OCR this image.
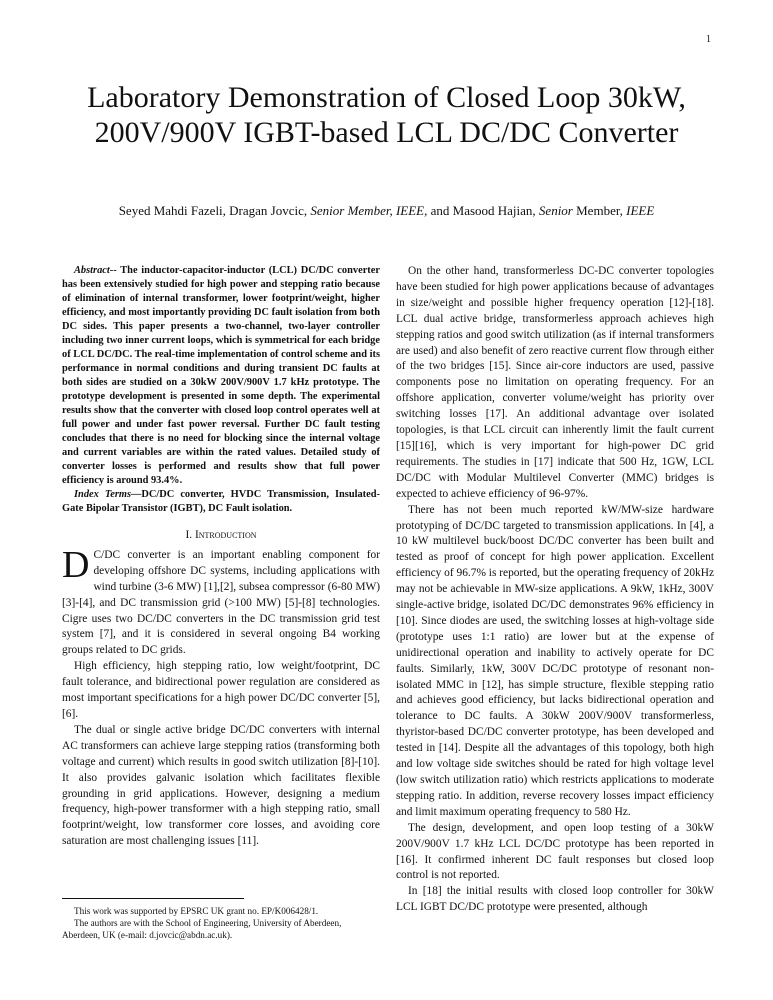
1
Laboratory Demonstration of Closed Loop 30kW, 200V/900V IGBT-based LCL DC/DC Converter
Seyed Mahdi Fazeli, Dragan Jovcic, Senior Member, IEEE, and Masood Hajian, Senior Member, IEEE

Abstract-- The inductor-capacitor-inductor (LCL) DC/DC converter has been extensively studied for high power and stepping ratio because of elimination of internal transformer, lower footprint/weight, higher efficiency, and most importantly providing DC fault isolation from both DC sides. This paper presents a two-channel, two-layer controller including two inner current loops, which is symmetrical for each bridge of LCL DC/DC. The real-time implementation of control scheme and its performance in normal conditions and during transient DC faults at both sides are studied on a 30kW 200V/900V 1.7 kHz prototype. The prototype development is presented in some depth. The experimental results show that the converter with closed loop control operates well at full power and under fast power reversal. Further DC fault testing concludes that there is no need for blocking since the internal voltage and current variables are within the rated values. Detailed study of converter losses is performed and results show that full power efficiency is around 93.4%.

Index Terms—DC/DC converter, HVDC Transmission, Insulated-Gate Bipolar Transistor (IGBT), DC Fault isolation.

I. Introduction

D C/DC converter is an important enabling component for developing offshore DC systems, including applications with wind turbine (3-6 MW) [1],[2], subsea compressor (6-80 MW) [3]-[4], and DC transmission grid (>100 MW) [5]-[8] technologies. Cigre uses two DC/DC converters in the DC transmission grid test system [7], and it is considered in several ongoing B4 working groups related to DC grids.

High efficiency, high stepping ratio, low weight/footprint, DC fault tolerance, and bidirectional power regulation are considered as most important specifications for a high power DC/DC converter [5],[6].

The dual or single active bridge DC/DC converters with internal AC transformers can achieve large stepping ratios (transforming both voltage and current) which results in good switch utilization [8]-[10]. It also provides galvanic isolation which facilitates flexible grounding in grid applications. However, designing a medium frequency, high-power transformer with a high stepping ratio, small footprint/weight, low transformer core losses, and avoiding core saturation are most challenging issues [11].

This work was supported by EPSRC UK grant no. EP/K006428/1.

The authors are with the School of Engineering, University of Aberdeen, Aberdeen, UK (e-mail: d.jovcic@abdn.ac.uk).

On the other hand, transformerless DC-DC converter topologies have been studied for high power applications because of advantages in size/weight and possible higher frequency operation [12]-[18]. LCL dual active bridge, transformerless approach achieves high stepping ratios and good switch utilization (as if internal transformers are used) and also benefit of zero reactive current flow through either of the two bridges [15]. Since air-core inductors are used, passive components pose no limitation on operating frequency. For an offshore application, converter volume/weight has priority over switching losses [17]. An additional advantage over isolated topologies, is that LCL circuit can inherently limit the fault current [15][16], which is very important for high-power DC grid requirements. The studies in [17] indicate that 500 Hz, 1GW, LCL DC/DC with Modular Multilevel Converter (MMC) bridges is expected to achieve efficiency of 96-97%.

There has not been much reported kW/MW-size hardware prototyping of DC/DC targeted to transmission applications. In [4], a 10 kW multilevel buck/boost DC/DC converter has been built and tested as proof of concept for high power application. Excellent efficiency of 96.7% is reported, but the operating frequency of 20kHz may not be achievable in MW-size applications. A 9kW, 1kHz, 300V single-active bridge, isolated DC/DC demonstrates 96% efficiency in [10]. Since diodes are used, the switching losses at high-voltage side (prototype uses 1:1 ratio) are lower but at the expense of unidirectional operation and inability to actively operate for DC faults. Similarly, 1kW, 300V DC/DC prototype of resonant non-isolated MMC in [12], has simple structure, flexible stepping ratio and achieves good efficiency, but lacks bidirectional operation and tolerance to DC faults. A 30kW 200V/900V transformerless, thyristor-based DC/DC converter prototype, has been developed and tested in [14]. Despite all the advantages of this topology, both high and low voltage side switches should be rated for high voltage level (low switch utilization ratio) which restricts applications to moderate stepping ratio. In addition, reverse recovery losses impact efficiency and limit maximum operating frequency to 580 Hz.

The design, development, and open loop testing of a 30kW 200V/900V 1.7 kHz LCL DC/DC prototype has been reported in [16]. It confirmed inherent DC fault responses but closed loop control is not reported.

In [18] the initial results with closed loop controller for 30kW LCL IGBT DC/DC prototype were presented, although
